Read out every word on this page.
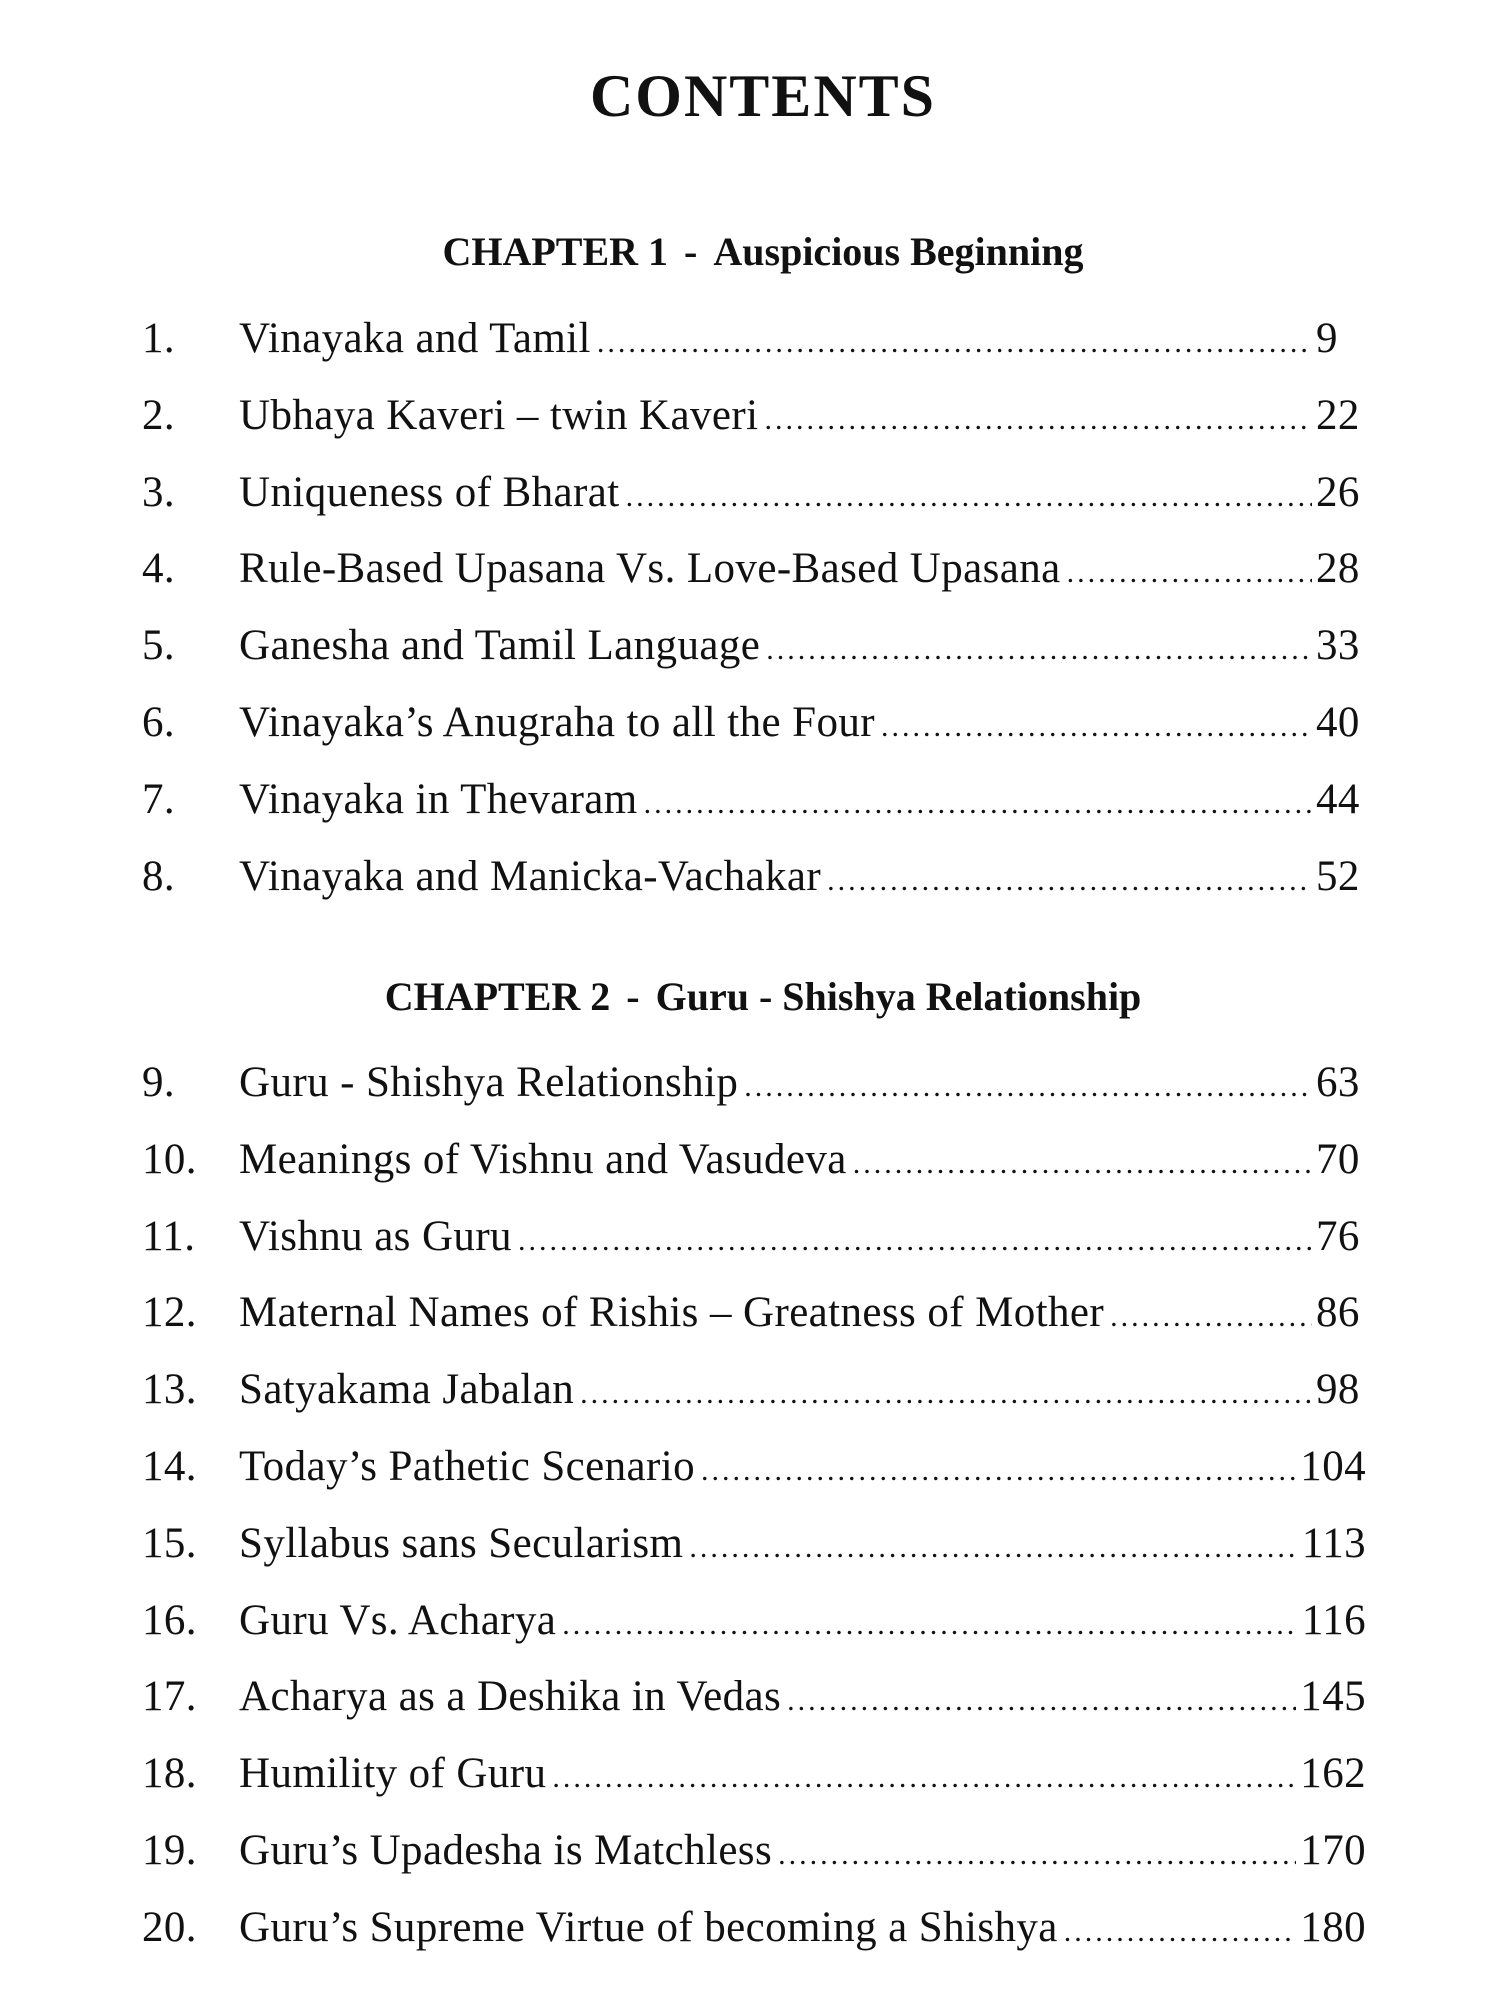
CONTENTS
CHAPTER 1 - Auspicious Beginning
1.	Vinayaka and Tamil .....	9
2.	Ubhaya Kaveri – twin Kaveri .....	22
3.	Uniqueness of Bharat .....	26
4.	Rule-Based Upasana Vs. Love-Based Upasana .....	28
5.	Ganesha and Tamil Language .....	33
6.	Vinayaka’s Anugraha to all the Four .....	40
7.	Vinayaka in Thevaram .....	44
8.	Vinayaka and Manicka-Vachakar .....	52
CHAPTER 2 - Guru - Shishya Relationship
9.	Guru - Shishya Relationship .....	63
10. Meanings of Vishnu and Vasudeva .....	70
11.	Vishnu as Guru .....	76
12. Maternal Names of Rishis – Greatness of Mother .....	86
13. Satyakama Jabalan .....	98
14. Today’s Pathetic Scenario .....	104
15. Syllabus sans Secularism .....	113
16. Guru Vs. Acharya .....	116
17. Acharya as a Deshika in Vedas .....	145
18. Humility of Guru .....	162
19. Guru’s Upadesha is Matchless .....	170
20. Guru’s Supreme Virtue of becoming a Shishya .....	180
